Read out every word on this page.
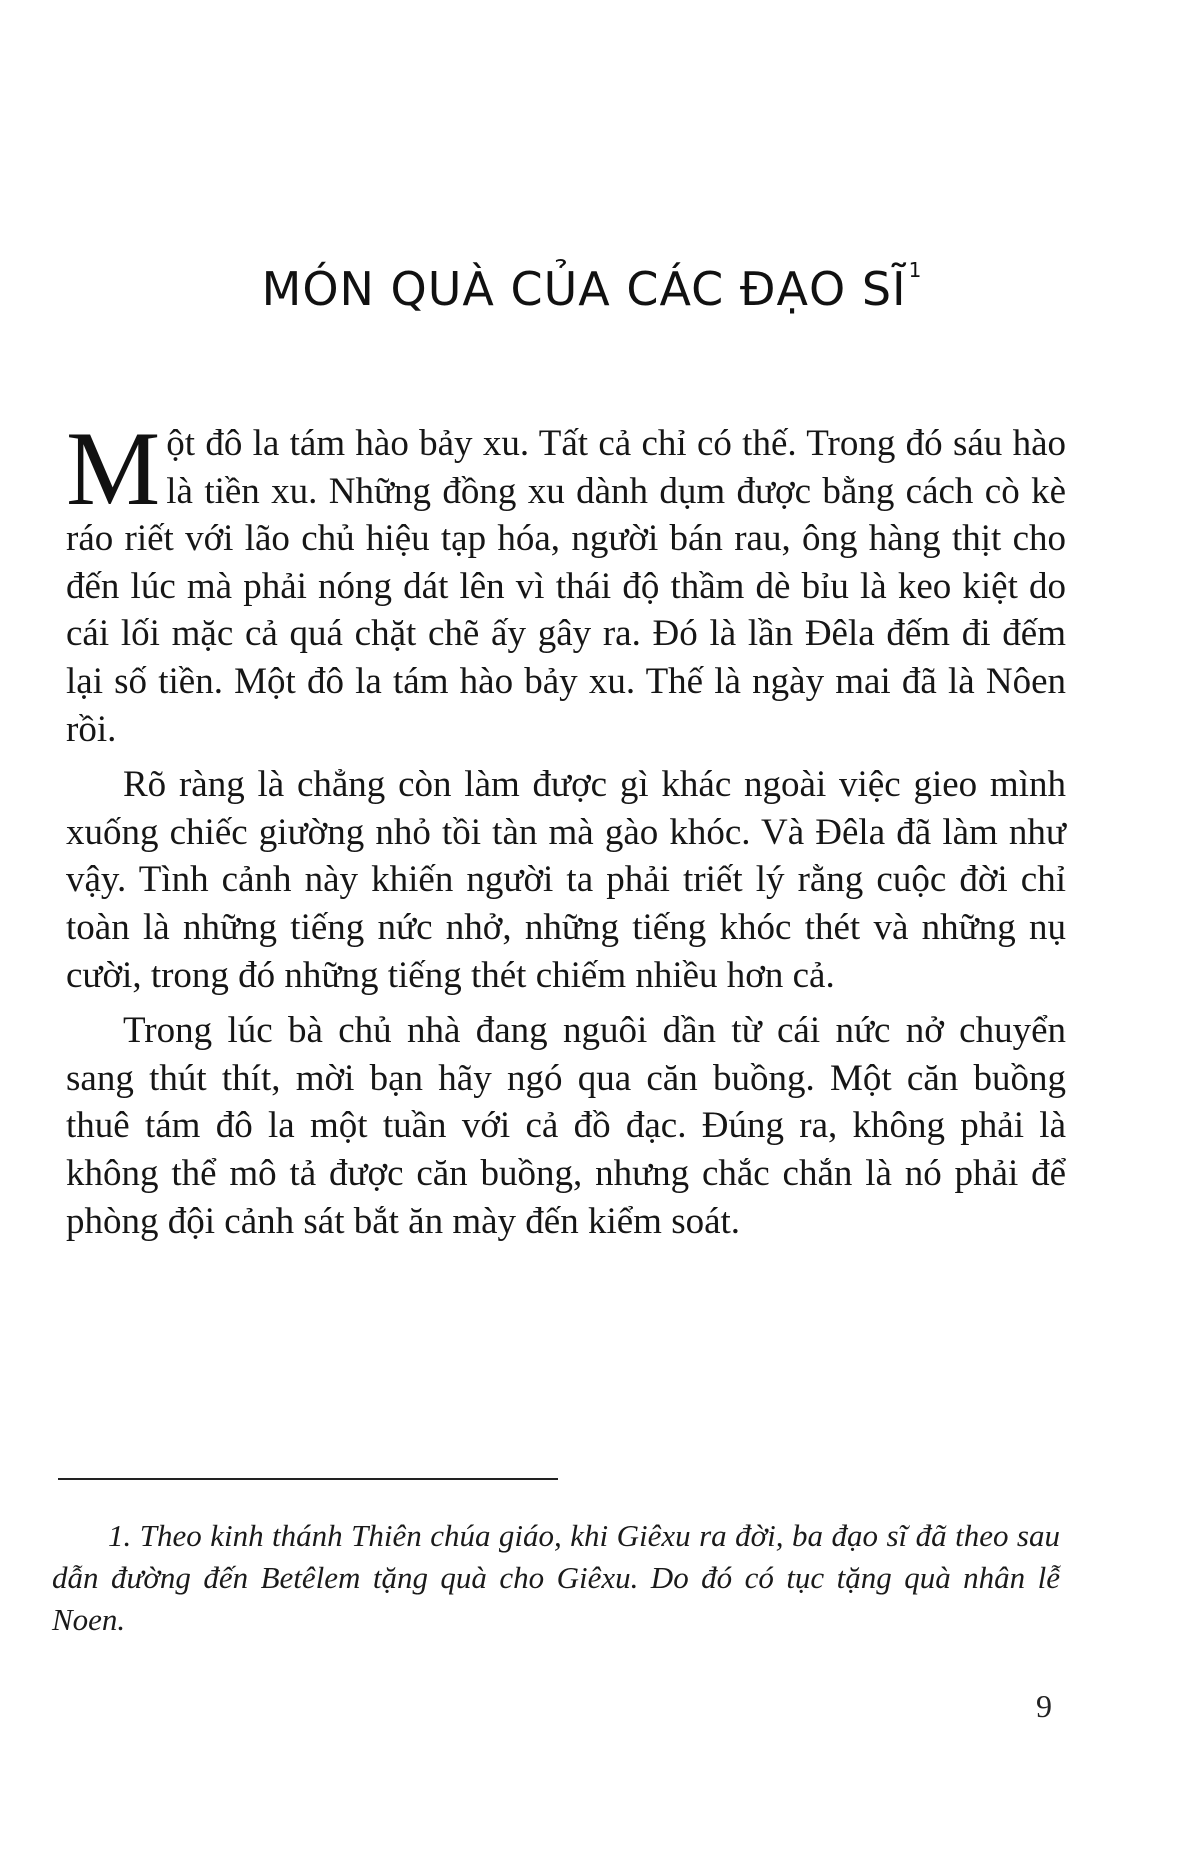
MÓN QUÀ CỦA CÁC ĐẠO SĨ $^1$

Một đô la tám hào bảy xu. Tất cả chỉ có thế. Trong đó sáu hào là tiền xu. Những đồng xu dành dụm được bằng cách cò kè ráo riết với lão chủ hiệu tạp hóa, người bán rau, ông hàng thịt cho đến lúc mà phải nóng dát lên vì thái độ thầm dè bỉu là keo kiệt do cái lối mặc cả quá chặt chẽ ấy gây ra. Đó là lần Đêla đếm đi đếm lại số tiền. Một đô la tám hào bảy xu. Thế là ngày mai đã là Nôen rồi.

Rõ ràng là chẳng còn làm được gì khác ngoài việc gieo mình xuống chiếc giường nhỏ tồi tàn mà gào khóc. Và Đêla đã làm như vậy. Tình cảnh này khiến người ta phải triết lý rằng cuộc đời chỉ toàn là những tiếng nức nhở, những tiếng khóc thét và những nụ cười, trong đó những tiếng thét chiếm nhiều hơn cả.

Trong lúc bà chủ nhà đang nguôi dần từ cái nức nở chuyển sang thút thít, mời bạn hãy ngó qua căn buồng. Một căn buồng thuê tám đô la một tuần với cả đồ đạc. Đúng ra, không phải là không thể mô tả được căn buồng, nhưng chắc chắn là nó phải để phòng đội cảnh sát bắt ăn mày đến kiểm soát.

1. Theo kinh thánh Thiên chúa giáo, khi Giêxu ra đời, ba đạo sĩ đã theo sau dẫn đường đến Betêlem tặng quà cho Giêxu. Do đó có tục tặng quà nhân lễ Noen.

9
